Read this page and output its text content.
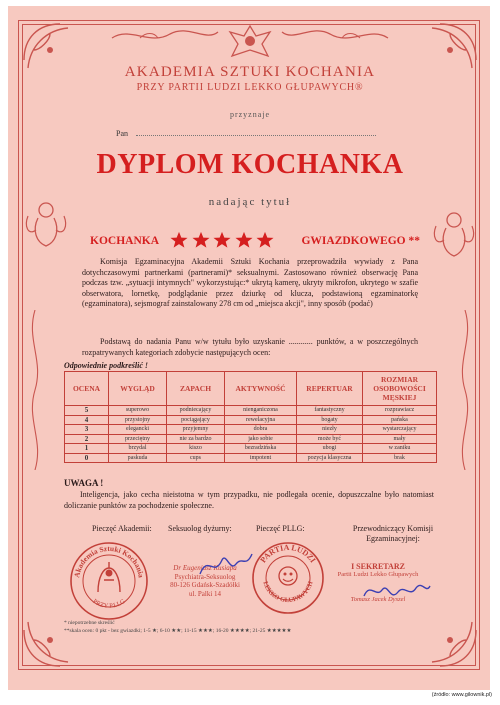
AKADEMIA SZTUKI KOCHANIA
PRZY PARTII LUDZI LEKKO GŁUPAWYCH®
przyznaje
Pan
DYPLOM KOCHANKA
nadając tytuł
KOCHANKA	GWIAZDKOWEGO **
Komisja Egzaminacyjna Akademii Sztuki Kochania przeprowadziła wywiady z Pana dotychczasowymi partnerkami (partnerami)* seksualnymi. Zastosowano również obserwację Pana podczas tzw. „sytuacji intymnych" wykorzystując:* ukrytą kamerę, ukryty mikrofon, ukrytego w szafie obserwatora, lornetkę, podglądanie przez dziurkę od klucza, podstawioną egzaminatorkę (egzaminatora), sejsmograf zainstalowany 278 cm od „miejsca akcji", inny sposób (podać)
Podstawą do nadania Panu w/w tytułu było uzyskanie ............ punktów, a w poszczególnych rozpatrywanych kategoriach zdobycie następujących ocen:
Odpowiednie podkreślić !
OCENA	WYGLĄD	ZAPACH	AKTYWNOŚĆ	REPERTUAR	ROZMIAR OSOBOWOŚCI MĘSKIEJ
5	superowo	podniecający	nienganiczona	fantastyczny	rozprawiacz
4	przystojny	pociągający	rewelacyjna	bogaty	pańska
3	elegancki	przyjemny	dobra	niezły	wystarczający
2	przeciętny	nie za bardzo	jako sobie	może być	mały
1	brzydal	kiszo	bezradzińska	ubogi	w zaniku
0	paskuda	cups	impotent	pozycja klasyczna	brak
UWAGA !
Inteligencja, jako cecha nieistotna w tym przypadku, nie podlegała ocenie, dopuszczalne było natomiast doliczanie punktów za pochodzenie społeczne.
Pieczęć Akademii: Seksuolog dyżurny:	Pieczęć PLLG:	Przewodniczący Komisji Egzaminacyjnej:
Akademia Sztuki Kochania
PRZY P.LLG
Dr Eugeniusz Kusiapa
Psychiatra-Seksuolog
80-126 Gdańsk-Szadółki
ul. Palki 14
PARTIA LUDZI
LEKKO GŁUPAWYCH
I SEKRETARZ
Partii Ludzi Lekko Głupawych
Tomasz Jacek Dyszel
* niepotrzebne skreślić
**skala ocen: 0 pkt - bez gwiazdki; 1-5 ★; 6-10 ★★; 11-15 ★★★; 16-20 ★★★★; 21-25 ★★★★★
(źródło: www.gilownik.pl)
